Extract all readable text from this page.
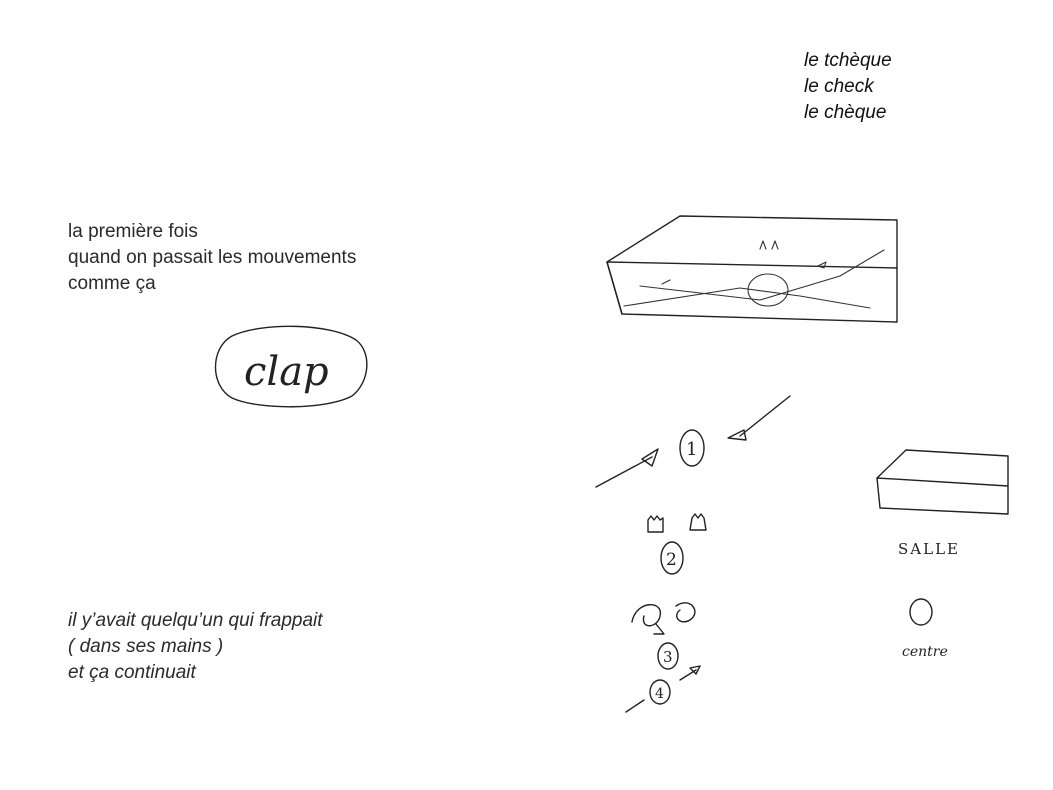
le tchèque
le check
le chèque
la première fois
quand on passait les mouvements
comme ça
il y’avait quelqu’un qui frappait
( dans ses mains )
et ça continuait
clap
1
2
3
4
SALLE
centre
